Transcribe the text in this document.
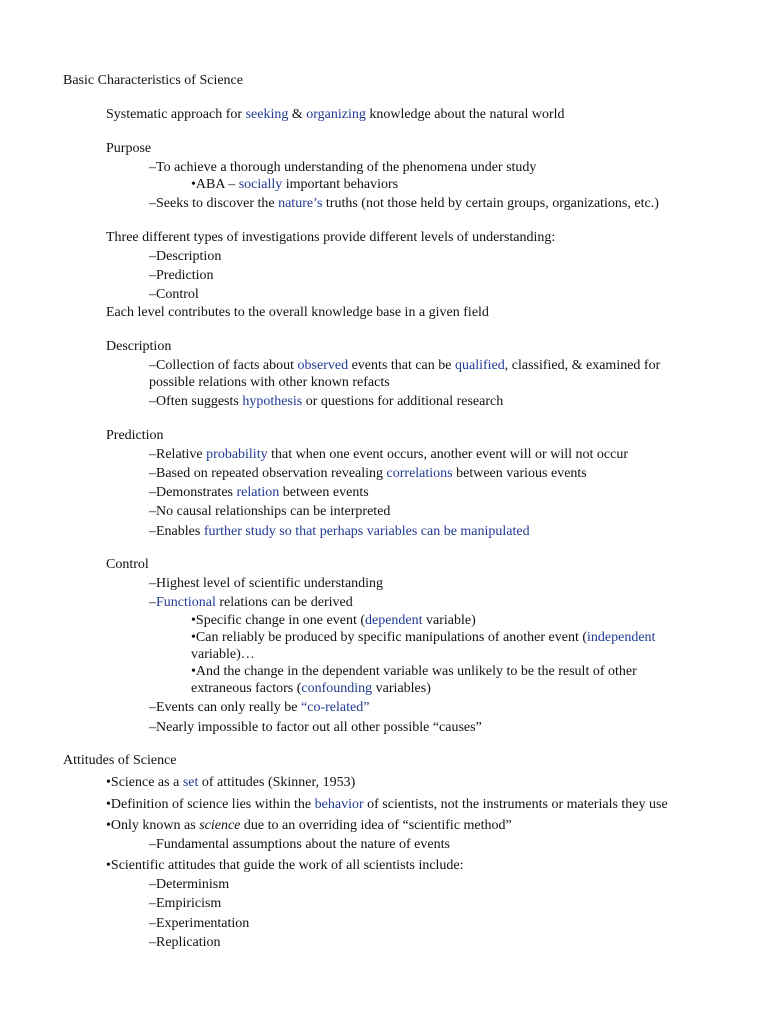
Basic Characteristics of Science
Systematic approach for seeking & organizing knowledge about the natural world
Purpose
–To achieve a thorough understanding of the phenomena under study
•ABA – socially important behaviors
–Seeks to discover the nature’s truths (not those held by certain groups, organizations, etc.)
Three different types of investigations provide different levels of understanding:
–Description
–Prediction
–Control
Each level contributes to the overall knowledge base in a given field
Description
–Collection of facts about observed events that can be qualified, classified, & examined for
possible relations with other known refacts
–Often suggests hypothesis or questions for additional research
Prediction
–Relative probability that when one event occurs, another event will or will not occur
–Based on repeated observation revealing correlations between various events
–Demonstrates relation between events
–No causal relationships can be interpreted
–Enables further study so that perhaps variables can be manipulated
Control
–Highest level of scientific understanding
–Functional relations can be derived
•Specific change in one event (dependent variable)
•Can reliably be produced by specific manipulations of another event (independent
variable)…
•And the change in the dependent variable was unlikely to be the result of other
extraneous factors (confounding variables)
–Events can only really be “co-related”
–Nearly impossible to factor out all other possible “causes”
Attitudes of Science
•Science as a set of attitudes (Skinner, 1953)
•Definition of science lies within the behavior of scientists, not the instruments or materials they use
•Only known as science due to an overriding idea of “scientific method”
–Fundamental assumptions about the nature of events
•Scientific attitudes that guide the work of all scientists include:
–Determinism
–Empiricism
–Experimentation
–Replication
